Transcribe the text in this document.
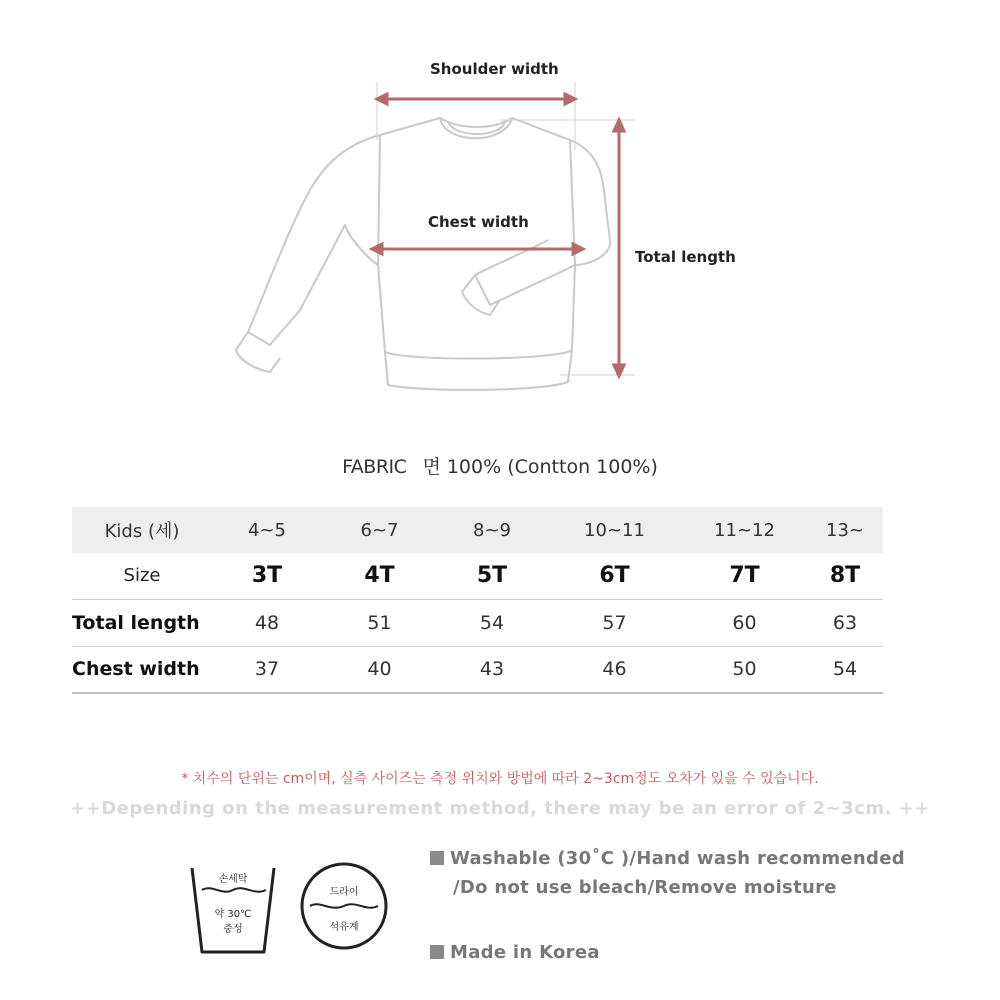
Shoulder width
Chest width
Total length
FABRIC 면 100% (Contton 100%)
Kids (세)	4~5	6~7	8~9	10~11	11~12	13~
Size	3T	4T	5T	6T	7T	8T
Total length	48	51	54	57	60	63
Chest width	37	40	43	46	50	54
* 치수의 단위는 cm이며, 실측 사이즈는 측정 위치와 방법에 따라 2~3cm정도 오차가 있을 수 있습니다.
++Depending on the measurement method, there may be an error of 2~3cm. ++
손세탁
약 30℃
중성
드라이
석유계
Washable (30˚C )/Hand wash recommended
/Do not use bleach/Remove moisture
Made in Korea
